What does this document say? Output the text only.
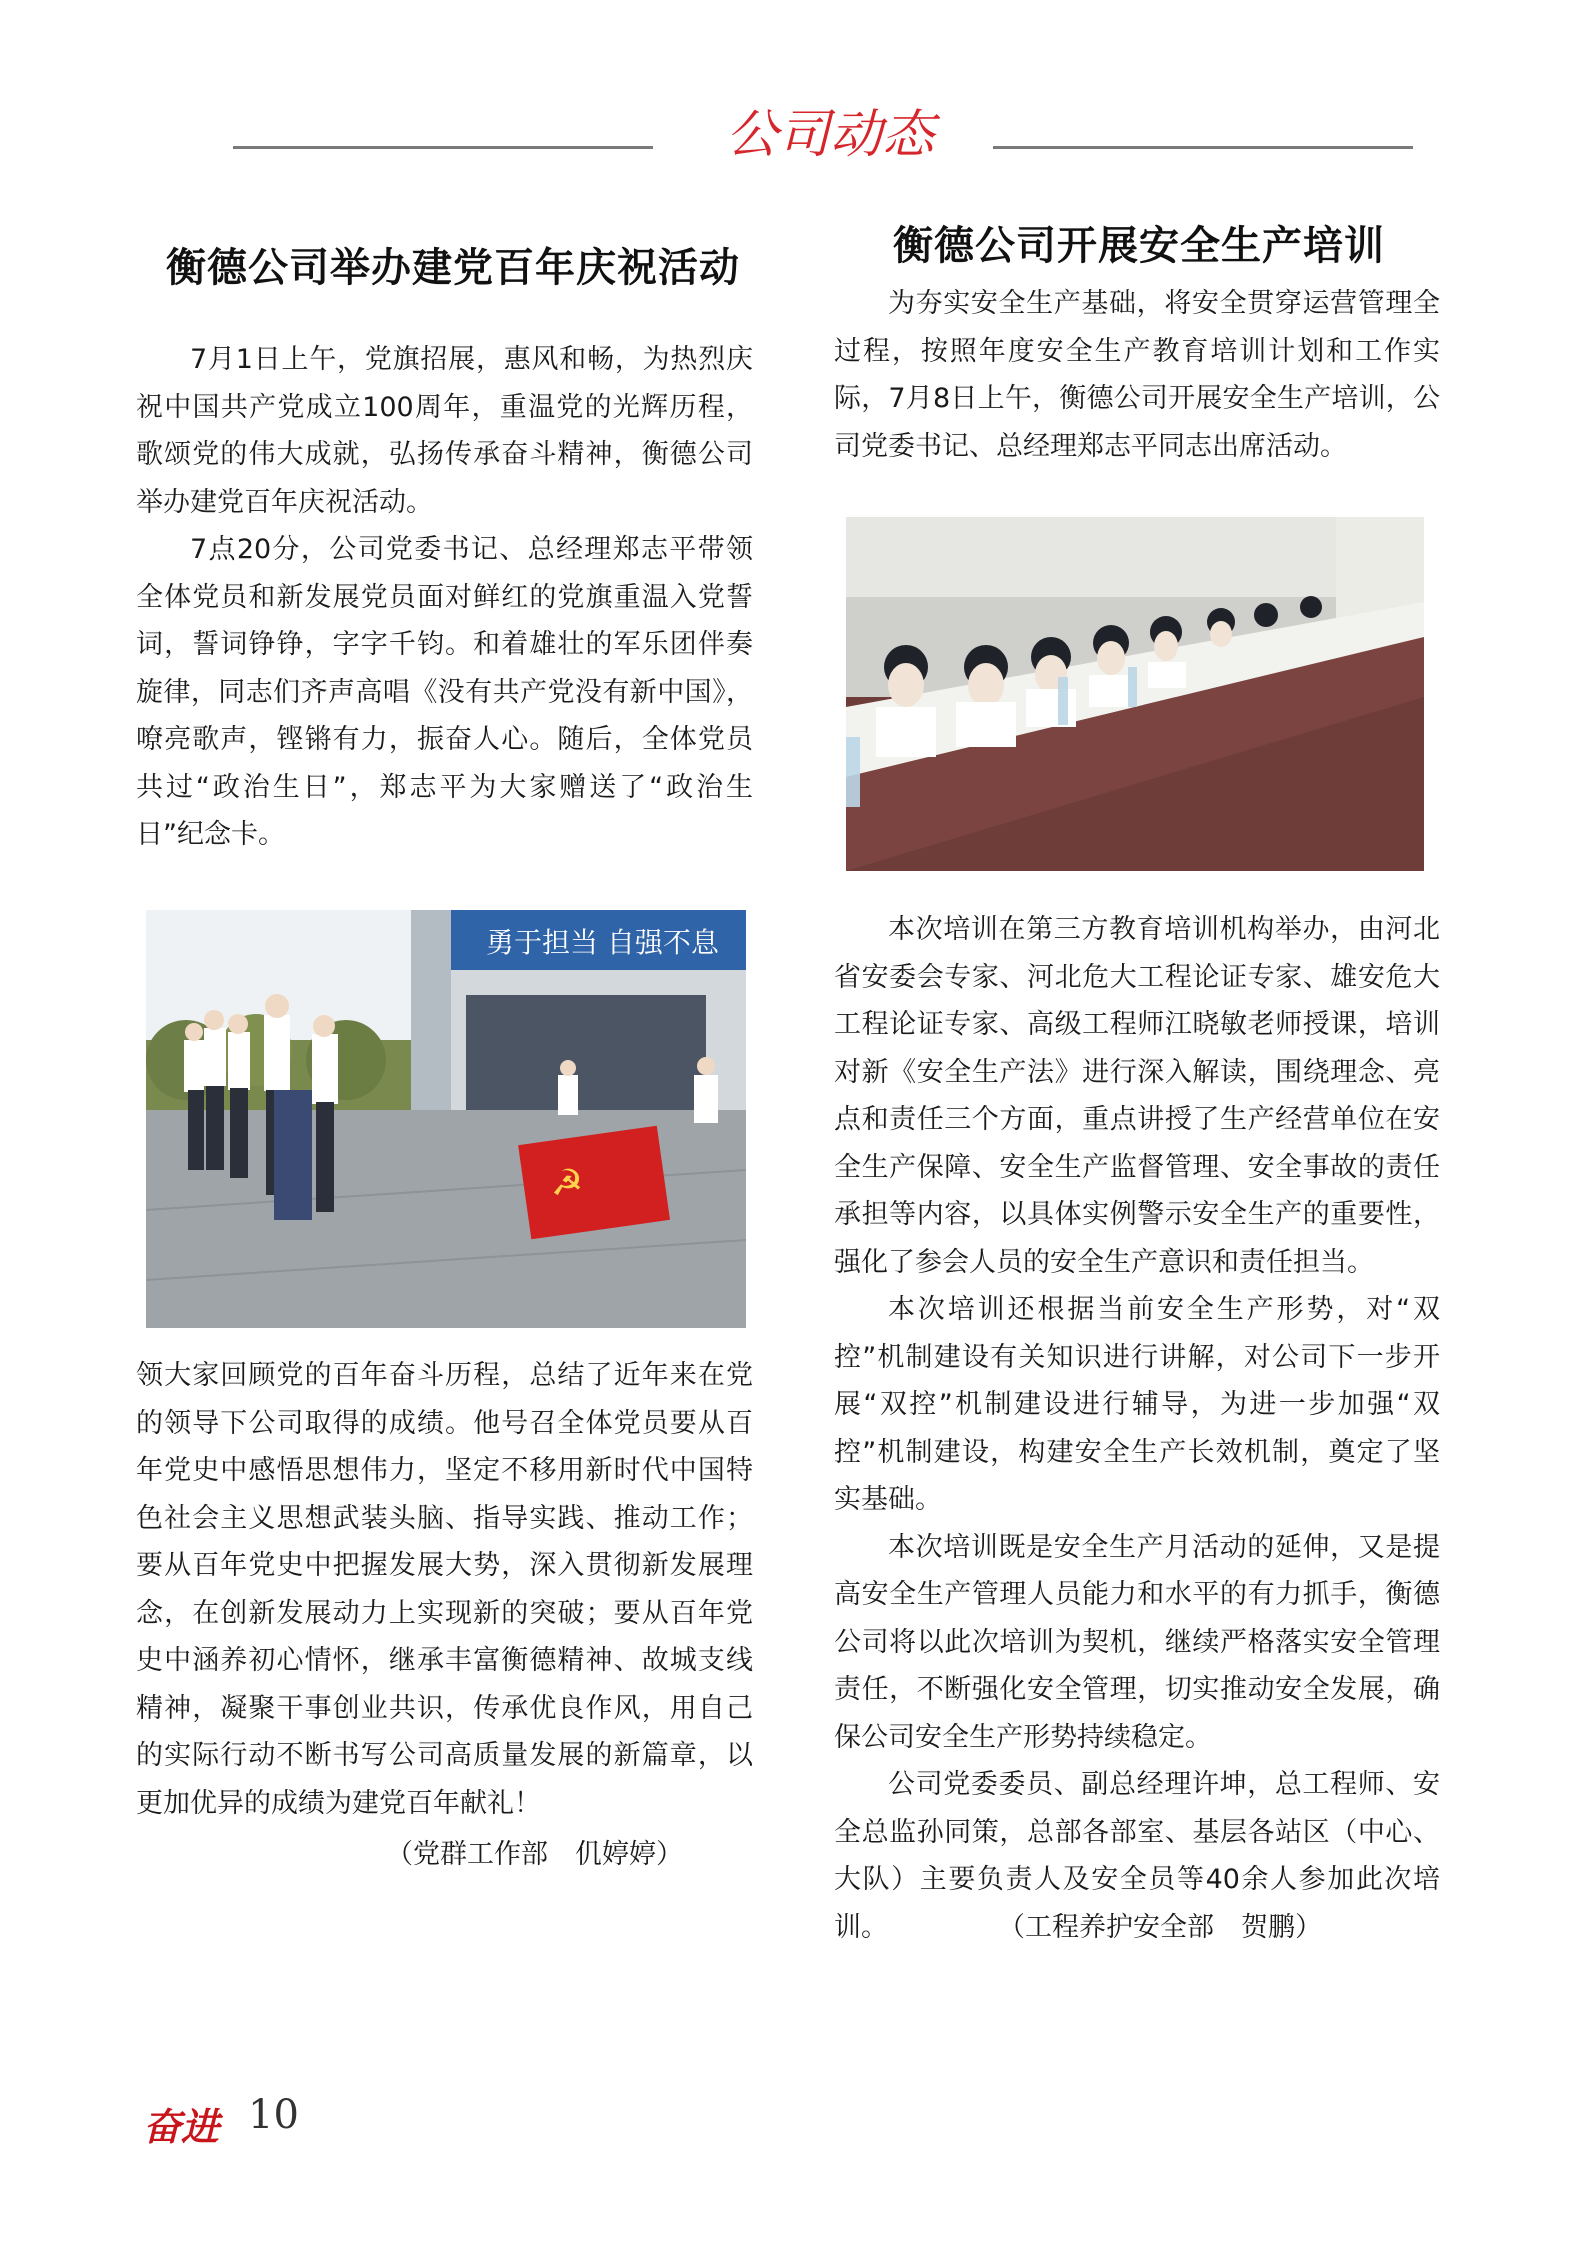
公司动态
衡德公司举办建党百年庆祝活动

7月1日上午，党旗招展，惠风和畅，为热烈庆祝中国共产党成立100周年，重温党的光辉历程，歌颂党的伟大成就，弘扬传承奋斗精神，衡德公司举办建党百年庆祝活动。

7点20分，公司党委书记、总经理郑志平带领全体党员和新发展党员面对鲜红的党旗重温入党誓词，誓词铮铮，字字千钧。和着雄壮的军乐团伴奏旋律，同志们齐声高唱《没有共产党没有新中国》，嘹亮歌声，铿锵有力，振奋人心。随后，全体党员共过“政治生日”，郑志平为大家赠送了“政治生日”纪念卡。

勇于担当 自强不息
☭

领大家回顾党的百年奋斗历程，总结了近年来在党的领导下公司取得的成绩。他号召全体党员要从百年党史中感悟思想伟力，坚定不移用新时代中国特色社会主义思想武装头脑、指导实践、推动工作；要从百年党史中把握发展大势，深入贯彻新发展理念，在创新发展动力上实现新的突破；要从百年党史中涵养初心情怀，继承丰富衡德精神、故城支线精神，凝聚干事创业共识，传承优良作风，用自己的实际行动不断书写公司高质量发展的新篇章，以更加优异的成绩为建党百年献礼！

（党群工作部　仉婷婷）

衡德公司开展安全生产培训

为夯实安全生产基础，将安全贯穿运营管理全过程，按照年度安全生产教育培训计划和工作实际，7月8日上午，衡德公司开展安全生产培训，公司党委书记、总经理郑志平同志出席活动。

本次培训在第三方教育培训机构举办，由河北省安委会专家、河北危大工程论证专家、雄安危大工程论证专家、高级工程师江晓敏老师授课，培训对新《安全生产法》进行深入解读，围绕理念、亮点和责任三个方面，重点讲授了生产经营单位在安全生产保障、安全生产监督管理、安全事故的责任承担等内容，以具体实例警示安全生产的重要性，强化了参会人员的安全生产意识和责任担当。

本次培训还根据当前安全生产形势，对“双控”机制建设有关知识进行讲解，对公司下一步开展“双控”机制建设进行辅导，为进一步加强“双控”机制建设，构建安全生产长效机制，奠定了坚实基础。

本次培训既是安全生产月活动的延伸，又是提高安全生产管理人员能力和水平的有力抓手，衡德公司将以此次培训为契机，继续严格落实安全管理责任，不断强化安全管理，切实推动安全发展，确保公司安全生产形势持续稳定。

公司党委委员、副总经理许坤，总工程师、安全总监孙同策，总部各部室、基层各站区（中心、大队）主要负责人及安全员等40余人参加此次培训。	（工程养护安全部　贺鹏）

奋进 10
